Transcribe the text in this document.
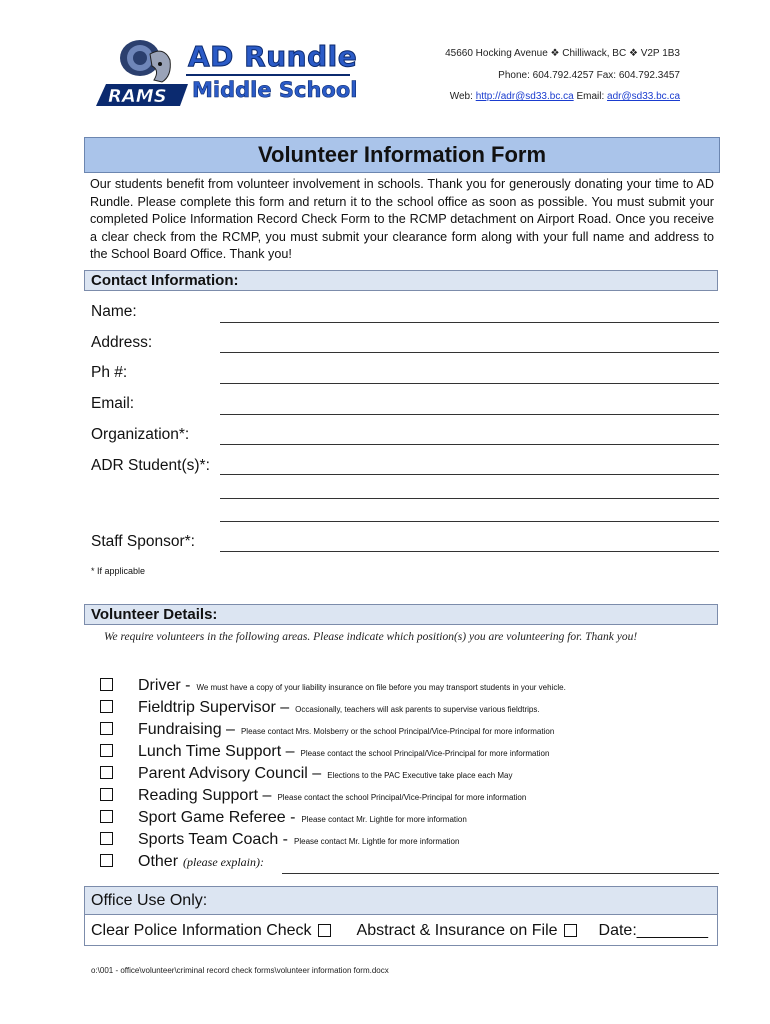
RAMS
AD Rundle
Middle School
45660 Hocking Avenue ❖ Chilliwack, BC ❖ V2P 1B3
Phone: 604.792.4257 Fax: 604.792.3457
Web: http://adr@sd33.bc.ca Email: adr@sd33.bc.ca
Volunteer Information Form
Our students benefit from volunteer involvement in schools. Thank you for generously donating your time to AD Rundle. Please complete this form and return it to the school office as soon as possible. You must submit your completed Police Information Record Check Form to the RCMP detachment on Airport Road. Once you receive a clear check from the RCMP, you must submit your clearance form along with your full name and address to the School Board Office. Thank you!
Contact Information:
Name:
Address:
Ph #:
Email:
Organization*:
ADR Student(s)*:
Staff Sponsor*:
* If applicable
Volunteer Details:
We require volunteers in the following areas. Please indicate which position(s) you are volunteering for. Thank you!
Driver - We must have a copy of your liability insurance on file before you may transport students in your vehicle.
Fieldtrip Supervisor – Occasionally, teachers will ask parents to supervise various fieldtrips.
Fundraising – Please contact Mrs. Molsberry or the school Principal/Vice-Principal for more information
Lunch Time Support – Please contact the school Principal/Vice-Principal for more information
Parent Advisory Council – Elections to the PAC Executive take place each May
Reading Support – Please contact the school Principal/Vice-Principal for more information
Sport Game Referee - Please contact Mr. Lightle for more information
Sports Team Coach - Please contact Mr. Lightle for more information
Other (please explain):
Office Use Only:
Clear Police Information Check	Abstract & Insurance on File	Date:________
o:\001 - office\volunteer\criminal record check forms\volunteer information form.docx
